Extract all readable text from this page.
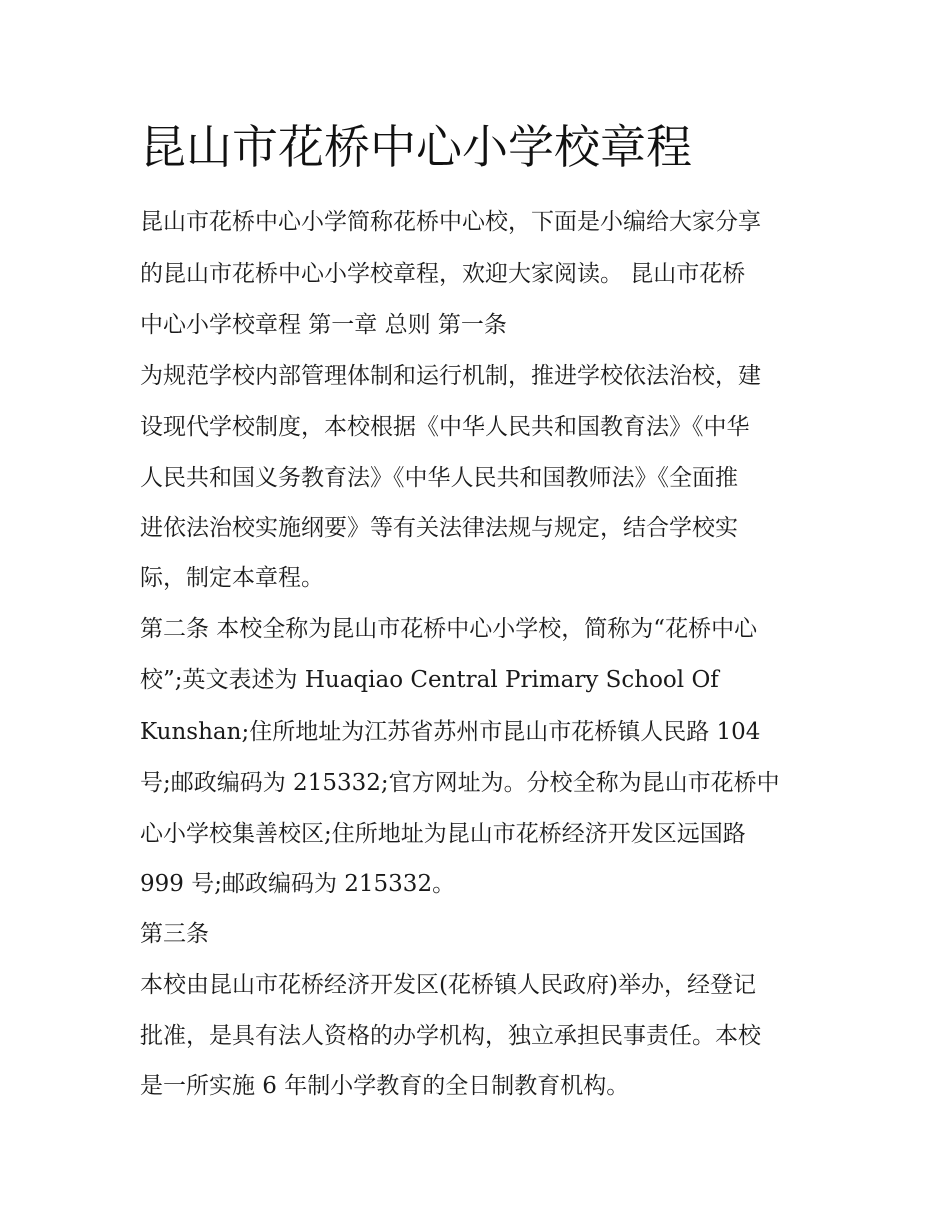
昆山市花桥中心小学校章程

昆山市花桥中心小学简称花桥中心校，下面是小编给大家分享

的昆山市花桥中心小学校章程，欢迎大家阅读。 昆山市花桥

中心小学校章程 第一章 总则 第一条

为规范学校内部管理体制和运行机制，推进学校依法治校，建

设现代学校制度，本校根据《中华人民共和国教育法》《中华

人民共和国义务教育法》《中华人民共和国教师法》《全面推

进依法治校实施纲要》等有关法律法规与规定，结合学校实

际，制定本章程。

第二条 本校全称为昆山市花桥中心小学校，简称为“花桥中心

校”;英文表述为 Huaqiao Central Primary School Of

Kunshan;住所地址为江苏省苏州市昆山市花桥镇人民路 104

号;邮政编码为 215332;官方网址为。分校全称为昆山市花桥中

心小学校集善校区;住所地址为昆山市花桥经济开发区远国路

999 号;邮政编码为 215332。

第三条

本校由昆山市花桥经济开发区(花桥镇人民政府)举办，经登记

批准，是具有法人资格的办学机构，独立承担民事责任。本校

是一所实施 6 年制小学教育的全日制教育机构。
